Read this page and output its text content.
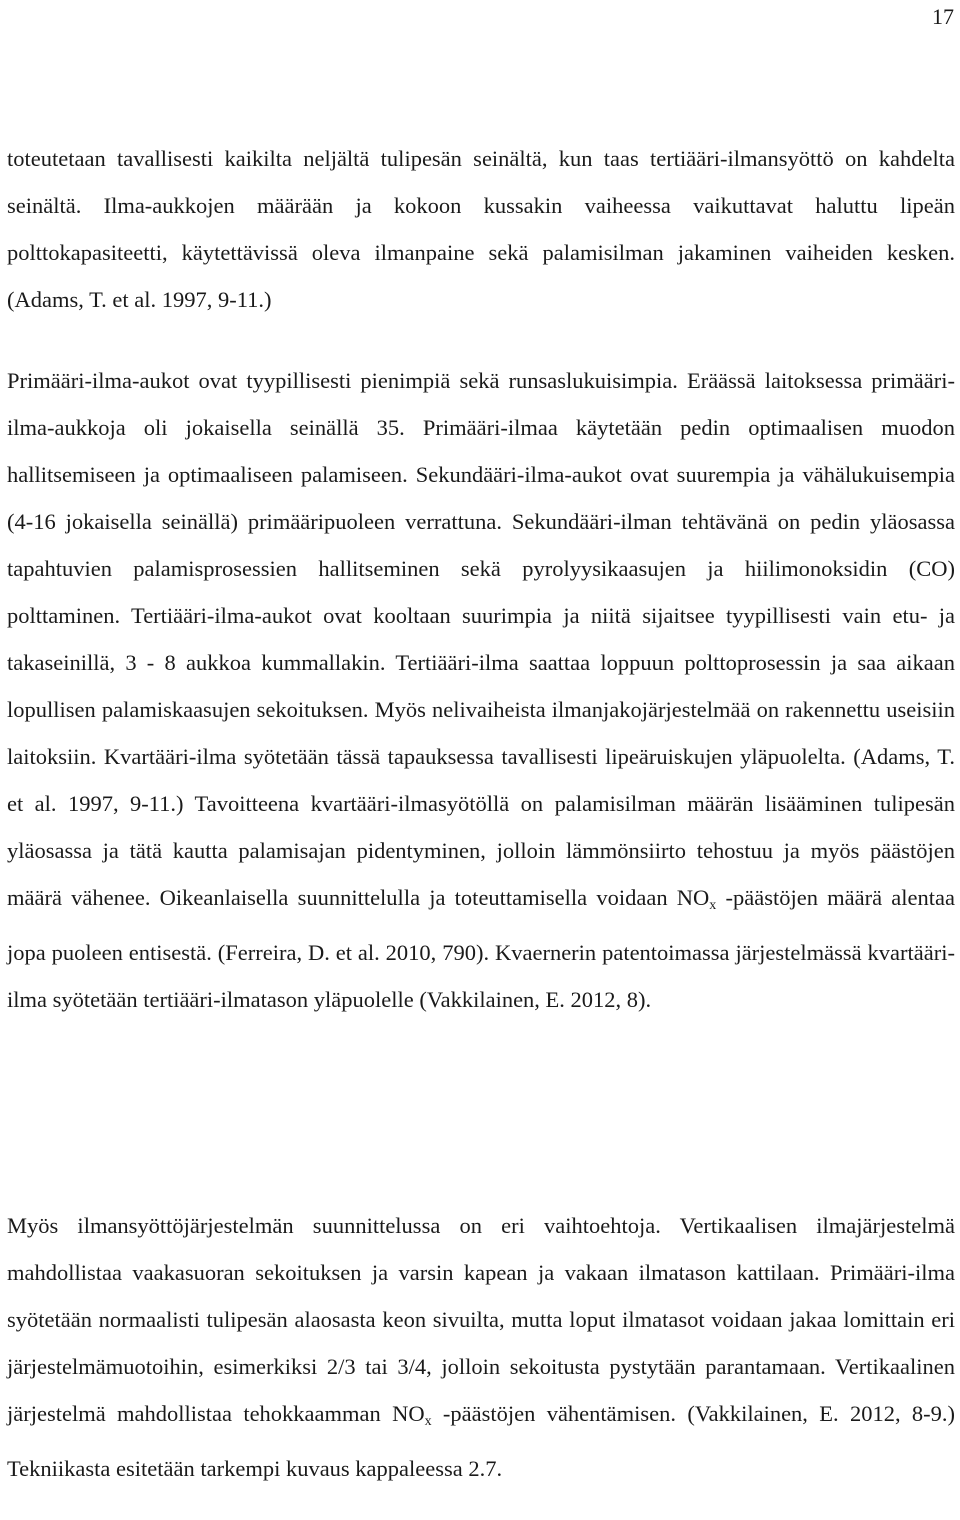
17

toteutetaan tavallisesti kaikilta neljältä tulipesän seinältä, kun taas tertiääri-ilmansyöttö on kahdelta seinältä. Ilma-aukkojen määrään ja kokoon kussakin vaiheessa vaikuttavat haluttu lipeän polttokapasiteetti, käytettävissä oleva ilmanpaine sekä palamisilman jakaminen vaiheiden kesken. (Adams, T. et al. 1997, 9-11.)

Primääri-ilma-aukot ovat tyypillisesti pienimpiä sekä runsaslukuisimpia. Eräässä laitoksessa primääri-ilma-aukkoja oli jokaisella seinällä 35. Primääri-ilmaa käytetään pedin optimaalisen muodon hallitsemiseen ja optimaaliseen palamiseen. Sekundääri-ilma-aukot ovat suurempia ja vähälukuisempia (4-16 jokaisella seinällä) primääripuoleen verrattuna. Sekundääri-ilman tehtävänä on pedin yläosassa tapahtuvien palamisprosessien hallitseminen sekä pyrolyysikaasujen ja hiilimonoksidin (CO) polttaminen. Tertiääri-ilma-aukot ovat kooltaan suurimpia ja niitä sijaitsee tyypillisesti vain etu- ja takaseinillä, 3 - 8 aukkoa kummallakin. Tertiääri-ilma saattaa loppuun polttoprosessin ja saa aikaan lopullisen palamiskaasujen sekoituksen. Myös nelivaiheista ilmanjakojärjestelmää on rakennettu useisiin laitoksiin. Kvartääri-ilma syötetään tässä tapauksessa tavallisesti lipeäruiskujen yläpuolelta. (Adams, T. et al. 1997, 9-11.) Tavoitteena kvartääri-ilmasyötöllä on palamisilman määrän lisääminen tulipesän yläosassa ja tätä kautta palamisajan pidentyminen, jolloin lämmönsiirto tehostuu ja myös päästöjen määrä vähenee. Oikeanlaisella suunnittelulla ja toteuttamisella voidaan $NO_x$ -päästöjen määrä alentaa jopa puoleen entisestä. (Ferreira, D. et al. 2010, 790). Kvaernerin patentoimassa järjestelmässä kvartääri-ilma syötetään tertiääri-ilmatason yläpuolelle (Vakkilainen, E. 2012, 8).

Myös ilmansyöttöjärjestelmän suunnittelussa on eri vaihtoehtoja. Vertikaalisen ilmajärjestelmä mahdollistaa vaakasuoran sekoituksen ja varsin kapean ja vakaan ilmatason kattilaan. Primääri-ilma syötetään normaalisti tulipesän alaosasta keon sivuilta, mutta loput ilmatasot voidaan jakaa lomittain eri järjestelmämuotoihin, esimerkiksi 2/3 tai 3/4, jolloin sekoitusta pystytään parantamaan. Vertikaalinen järjestelmä mahdollistaa tehokkaamman $NO_x$ -päästöjen vähentämisen. (Vakkilainen, E. 2012, 8-9.) Tekniikasta esitetään tarkempi kuvaus kappaleessa 2.7.
